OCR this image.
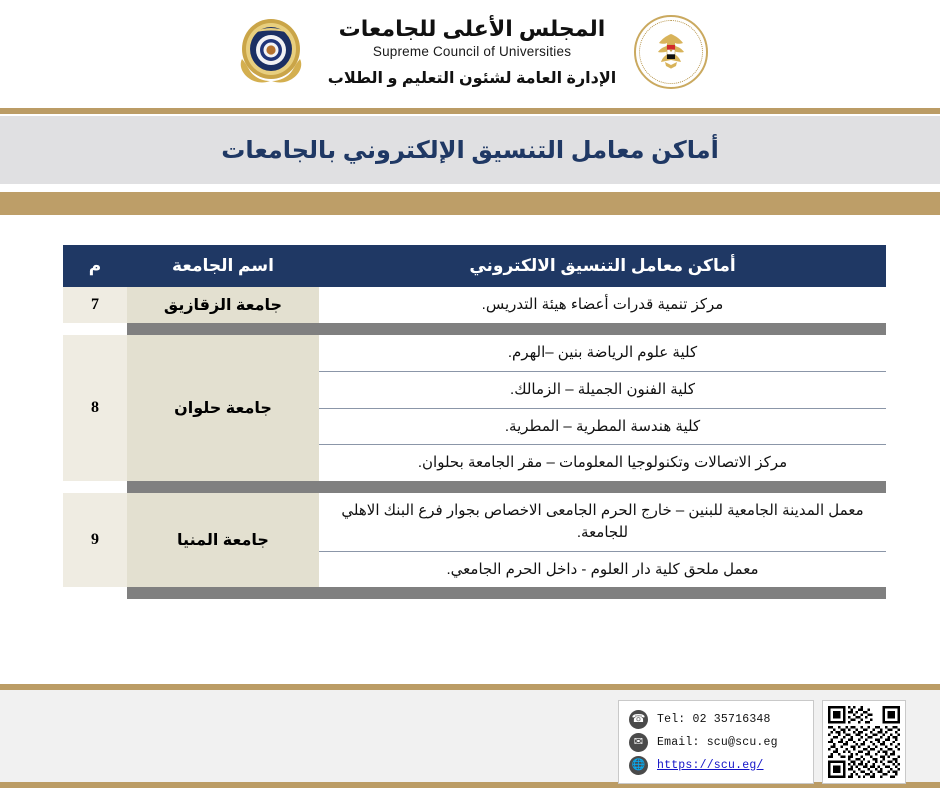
المجلس الأعلى للجامعات
Supreme Council of Universities
الإدارة العامة لشئون التعليم و الطلاب
أماكن معامل التنسيق الإلكتروني بالجامعات
أماكن معامل التنسيق الالكتروني	اسم الجامعة	م
مركز تنمية قدرات أعضاء هيئة التدريس.	جامعة الزقازيق	7

كلية علوم الرياضة بنين –الهرم.	جامعة حلوان	8
كلية الفنون الجميلة – الزمالك.		
كلية هندسة المطرية – المطرية.		
مركز الاتصالات وتكنولوجيا المعلومات – مقر الجامعة بحلوان.		

معمل المدينة الجامعية للبنين – خارج الحرم الجامعى الاخصاص بجوار فرع البنك الاهلي للجامعة.	جامعة المنيا	9
معمل ملحق كلية دار العلوم - داخل الحرم الجامعي.		

☎ Tel: 02 35716348
✉	Email: scu@scu.eg
🌐 https://scu.eg/
